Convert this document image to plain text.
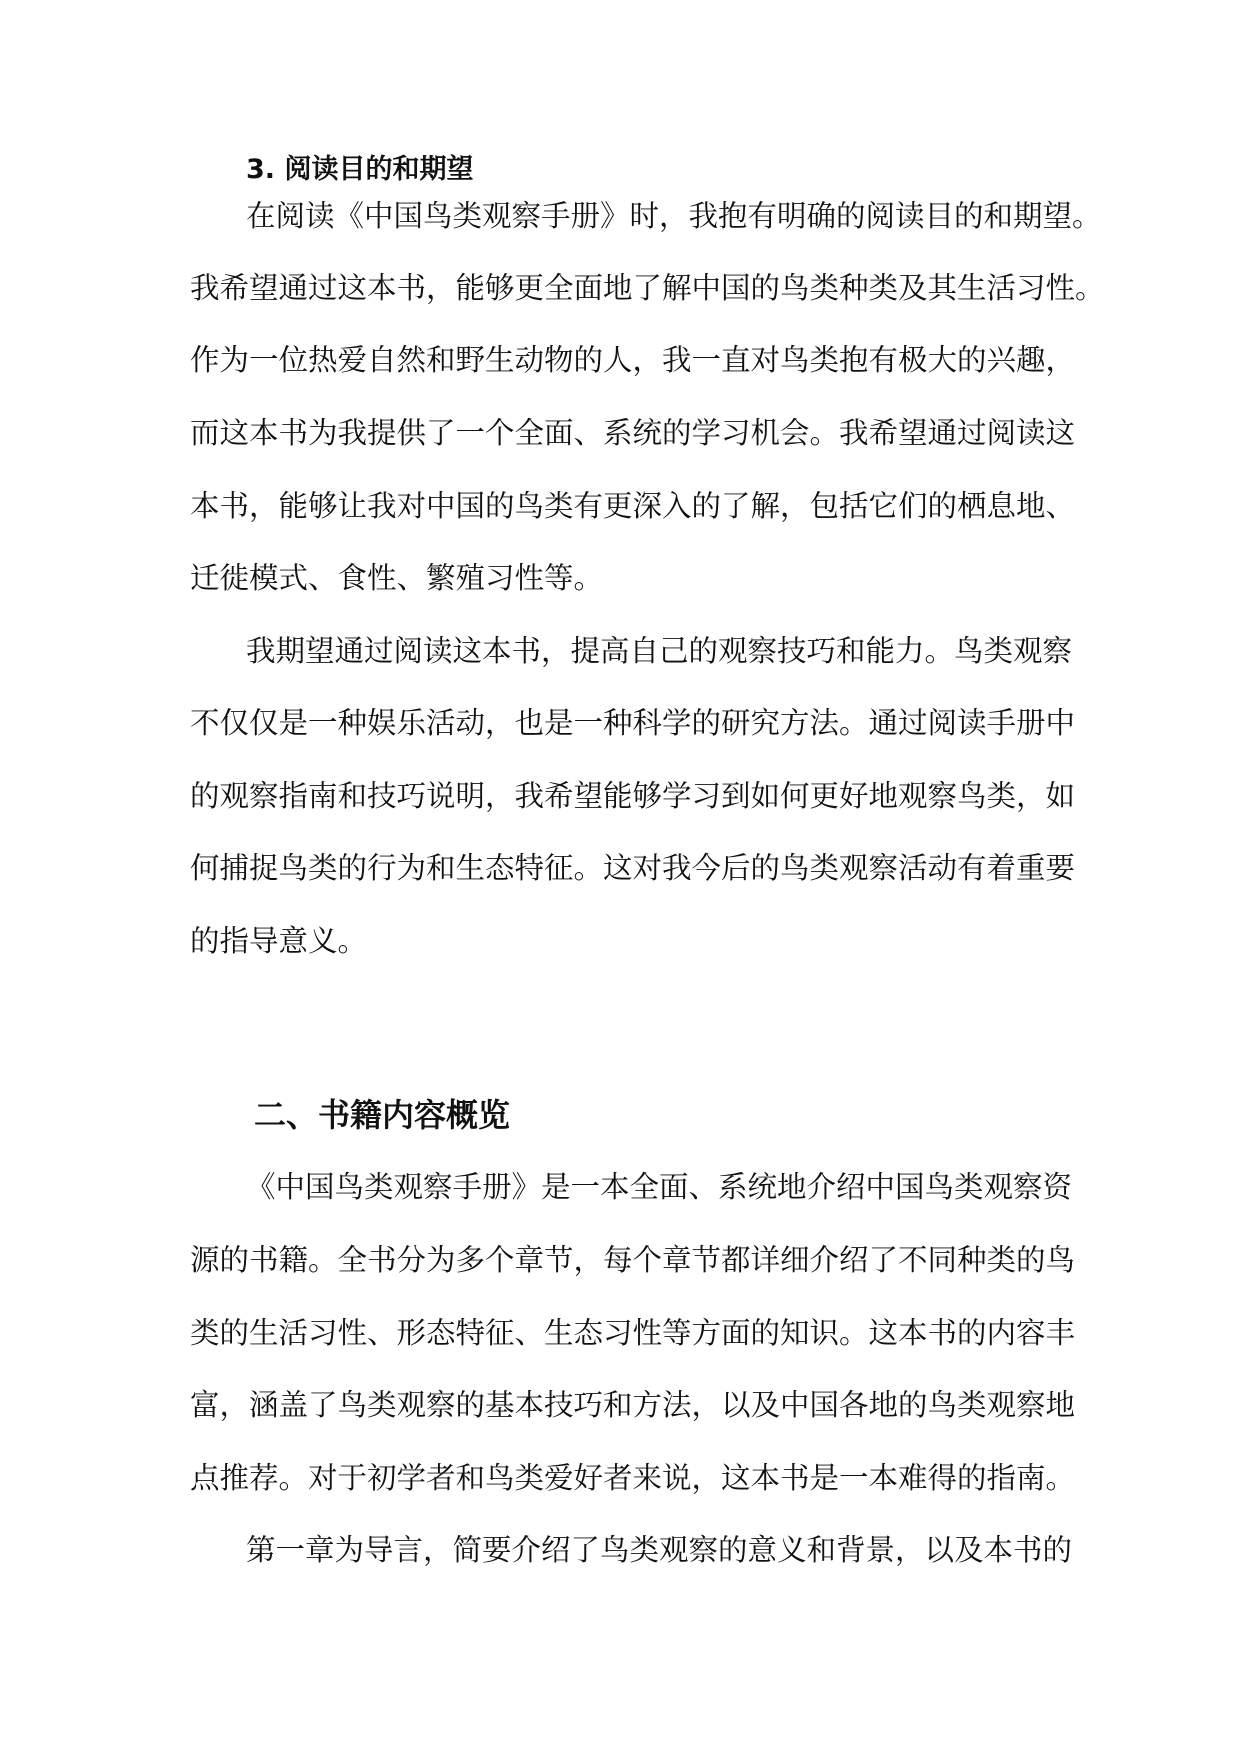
3. 阅读目的和期望
在阅读《中国鸟类观察手册》时，我抱有明确的阅读目的和期望。
我希望通过这本书，能够更全面地了解中国的鸟类种类及其生活习性。
作为一位热爱自然和野生动物的人，我一直对鸟类抱有极大的兴趣，
而这本书为我提供了一个全面、系统的学习机会。我希望通过阅读这
本书，能够让我对中国的鸟类有更深入的了解，包括它们的栖息地、
迁徙模式、食性、繁殖习性等。
我期望通过阅读这本书，提高自己的观察技巧和能力。鸟类观察
不仅仅是一种娱乐活动，也是一种科学的研究方法。通过阅读手册中
的观察指南和技巧说明，我希望能够学习到如何更好地观察鸟类，如
何捕捉鸟类的行为和生态特征。这对我今后的鸟类观察活动有着重要
的指导意义。
二、书籍内容概览
《中国鸟类观察手册》是一本全面、系统地介绍中国鸟类观察资
源的书籍。全书分为多个章节，每个章节都详细介绍了不同种类的鸟
类的生活习性、形态特征、生态习性等方面的知识。这本书的内容丰
富，涵盖了鸟类观察的基本技巧和方法，以及中国各地的鸟类观察地
点推荐。对于初学者和鸟类爱好者来说，这本书是一本难得的指南。
第一章为导言，简要介绍了鸟类观察的意义和背景，以及本书的
